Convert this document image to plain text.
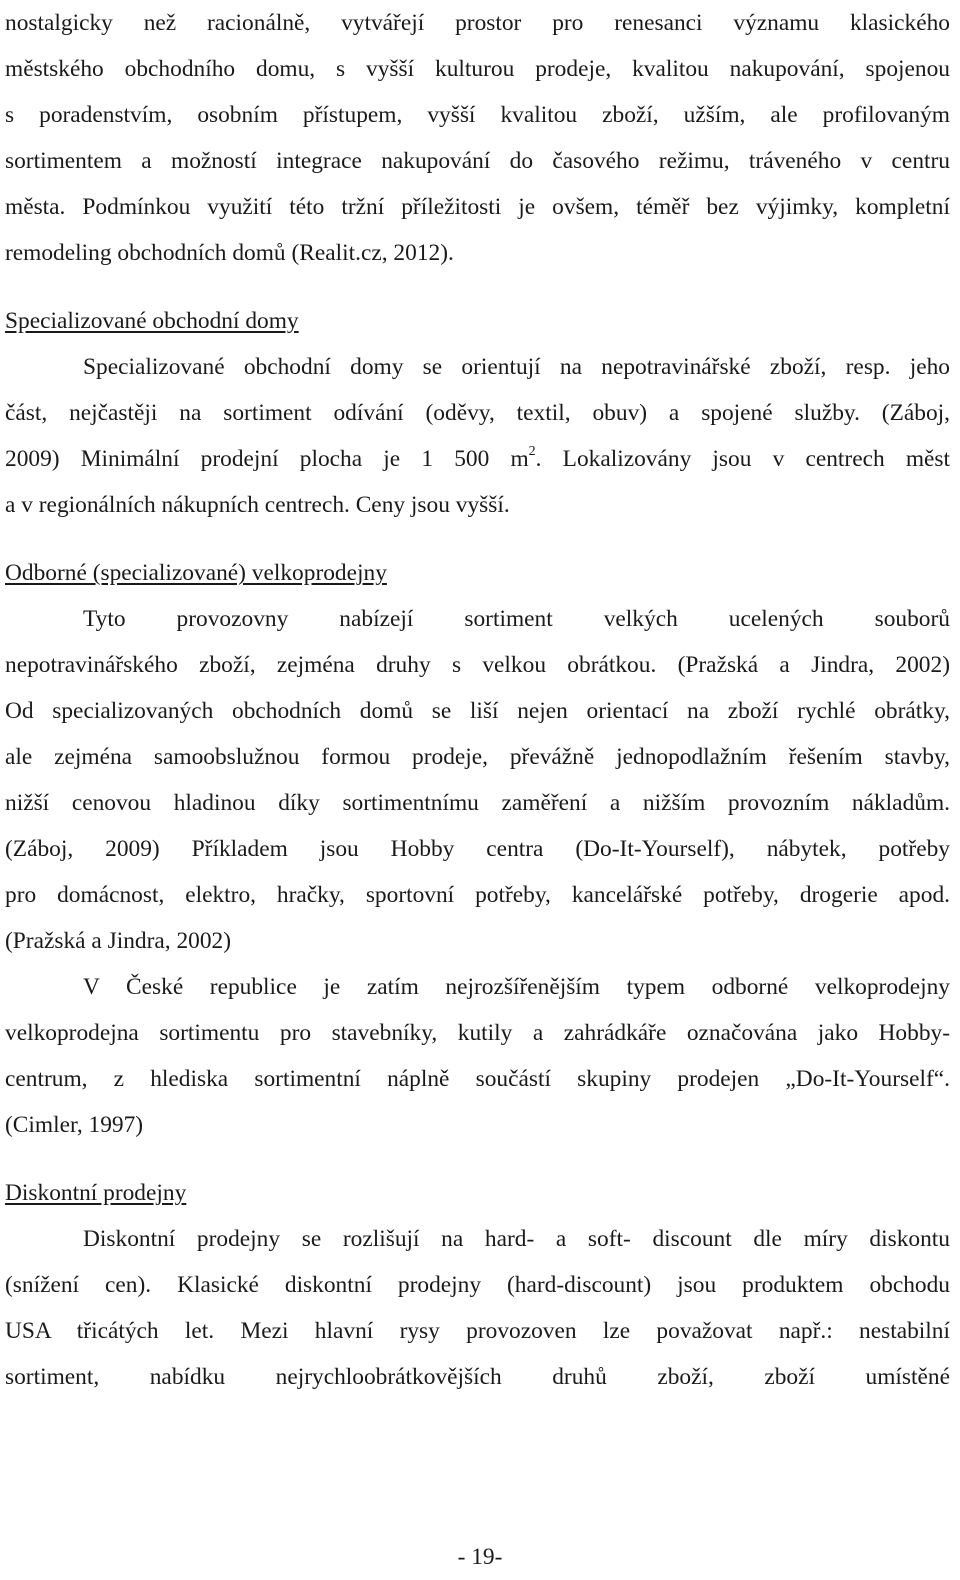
nostalgicky než racionálně, vytvářejí prostor pro renesanci významu klasického
městského obchodního domu, s vyšší kulturou prodeje, kvalitou nakupování, spojenou
s poradenstvím, osobním přístupem, vyšší kvalitou zboží, užším, ale profilovaným
sortimentem a možností integrace nakupování do časového režimu, tráveného v centru
města. Podmínkou využití této tržní příležitosti je ovšem, téměř bez výjimky, kompletní
remodeling obchodních domů (Realit.cz, 2012).
Specializované obchodní domy
Specializované obchodní domy se orientují na nepotravinářské zboží, resp. jeho
část, nejčastěji na sortiment odívání (oděvy, textil, obuv) a spojené služby. (Záboj,
2009) Minimální prodejní plocha je 1 500 $m^2$. Lokalizovány jsou v centrech měst
a v regionálních nákupních centrech. Ceny jsou vyšší.
Odborné (specializované) velkoprodejny
Tyto provozovny nabízejí sortiment velkých ucelených souborů
nepotravinářského zboží, zejména druhy s velkou obrátkou. (Pražská a Jindra, 2002)
Od specializovaných obchodních domů se liší nejen orientací na zboží rychlé obrátky,
ale zejména samoobslužnou formou prodeje, převážně jednopodlažním řešením stavby,
nižší cenovou hladinou díky sortimentnímu zaměření a nižším provozním nákladům.
(Záboj, 2009) Příkladem jsou Hobby centra (Do-It-Yourself), nábytek, potřeby
pro domácnost, elektro, hračky, sportovní potřeby, kancelářské potřeby, drogerie apod.
(Pražská a Jindra, 2002)
V České republice je zatím nejrozšířenějším typem odborné velkoprodejny
velkoprodejna sortimentu pro stavebníky, kutily a zahrádkáře označována jako Hobby-
centrum, z hlediska sortimentní náplně součástí skupiny prodejen „Do-It-Yourself“.
(Cimler, 1997)
Diskontní prodejny
Diskontní prodejny se rozlišují na hard- a soft- discount dle míry diskontu
(snížení cen). Klasické diskontní prodejny (hard-discount) jsou produktem obchodu
USA třicátých let. Mezi hlavní rysy provozoven lze považovat např.: nestabilní
sortiment, nabídku nejrychloobrátkovějších druhů zboží, zboží umístěné
- 19-
